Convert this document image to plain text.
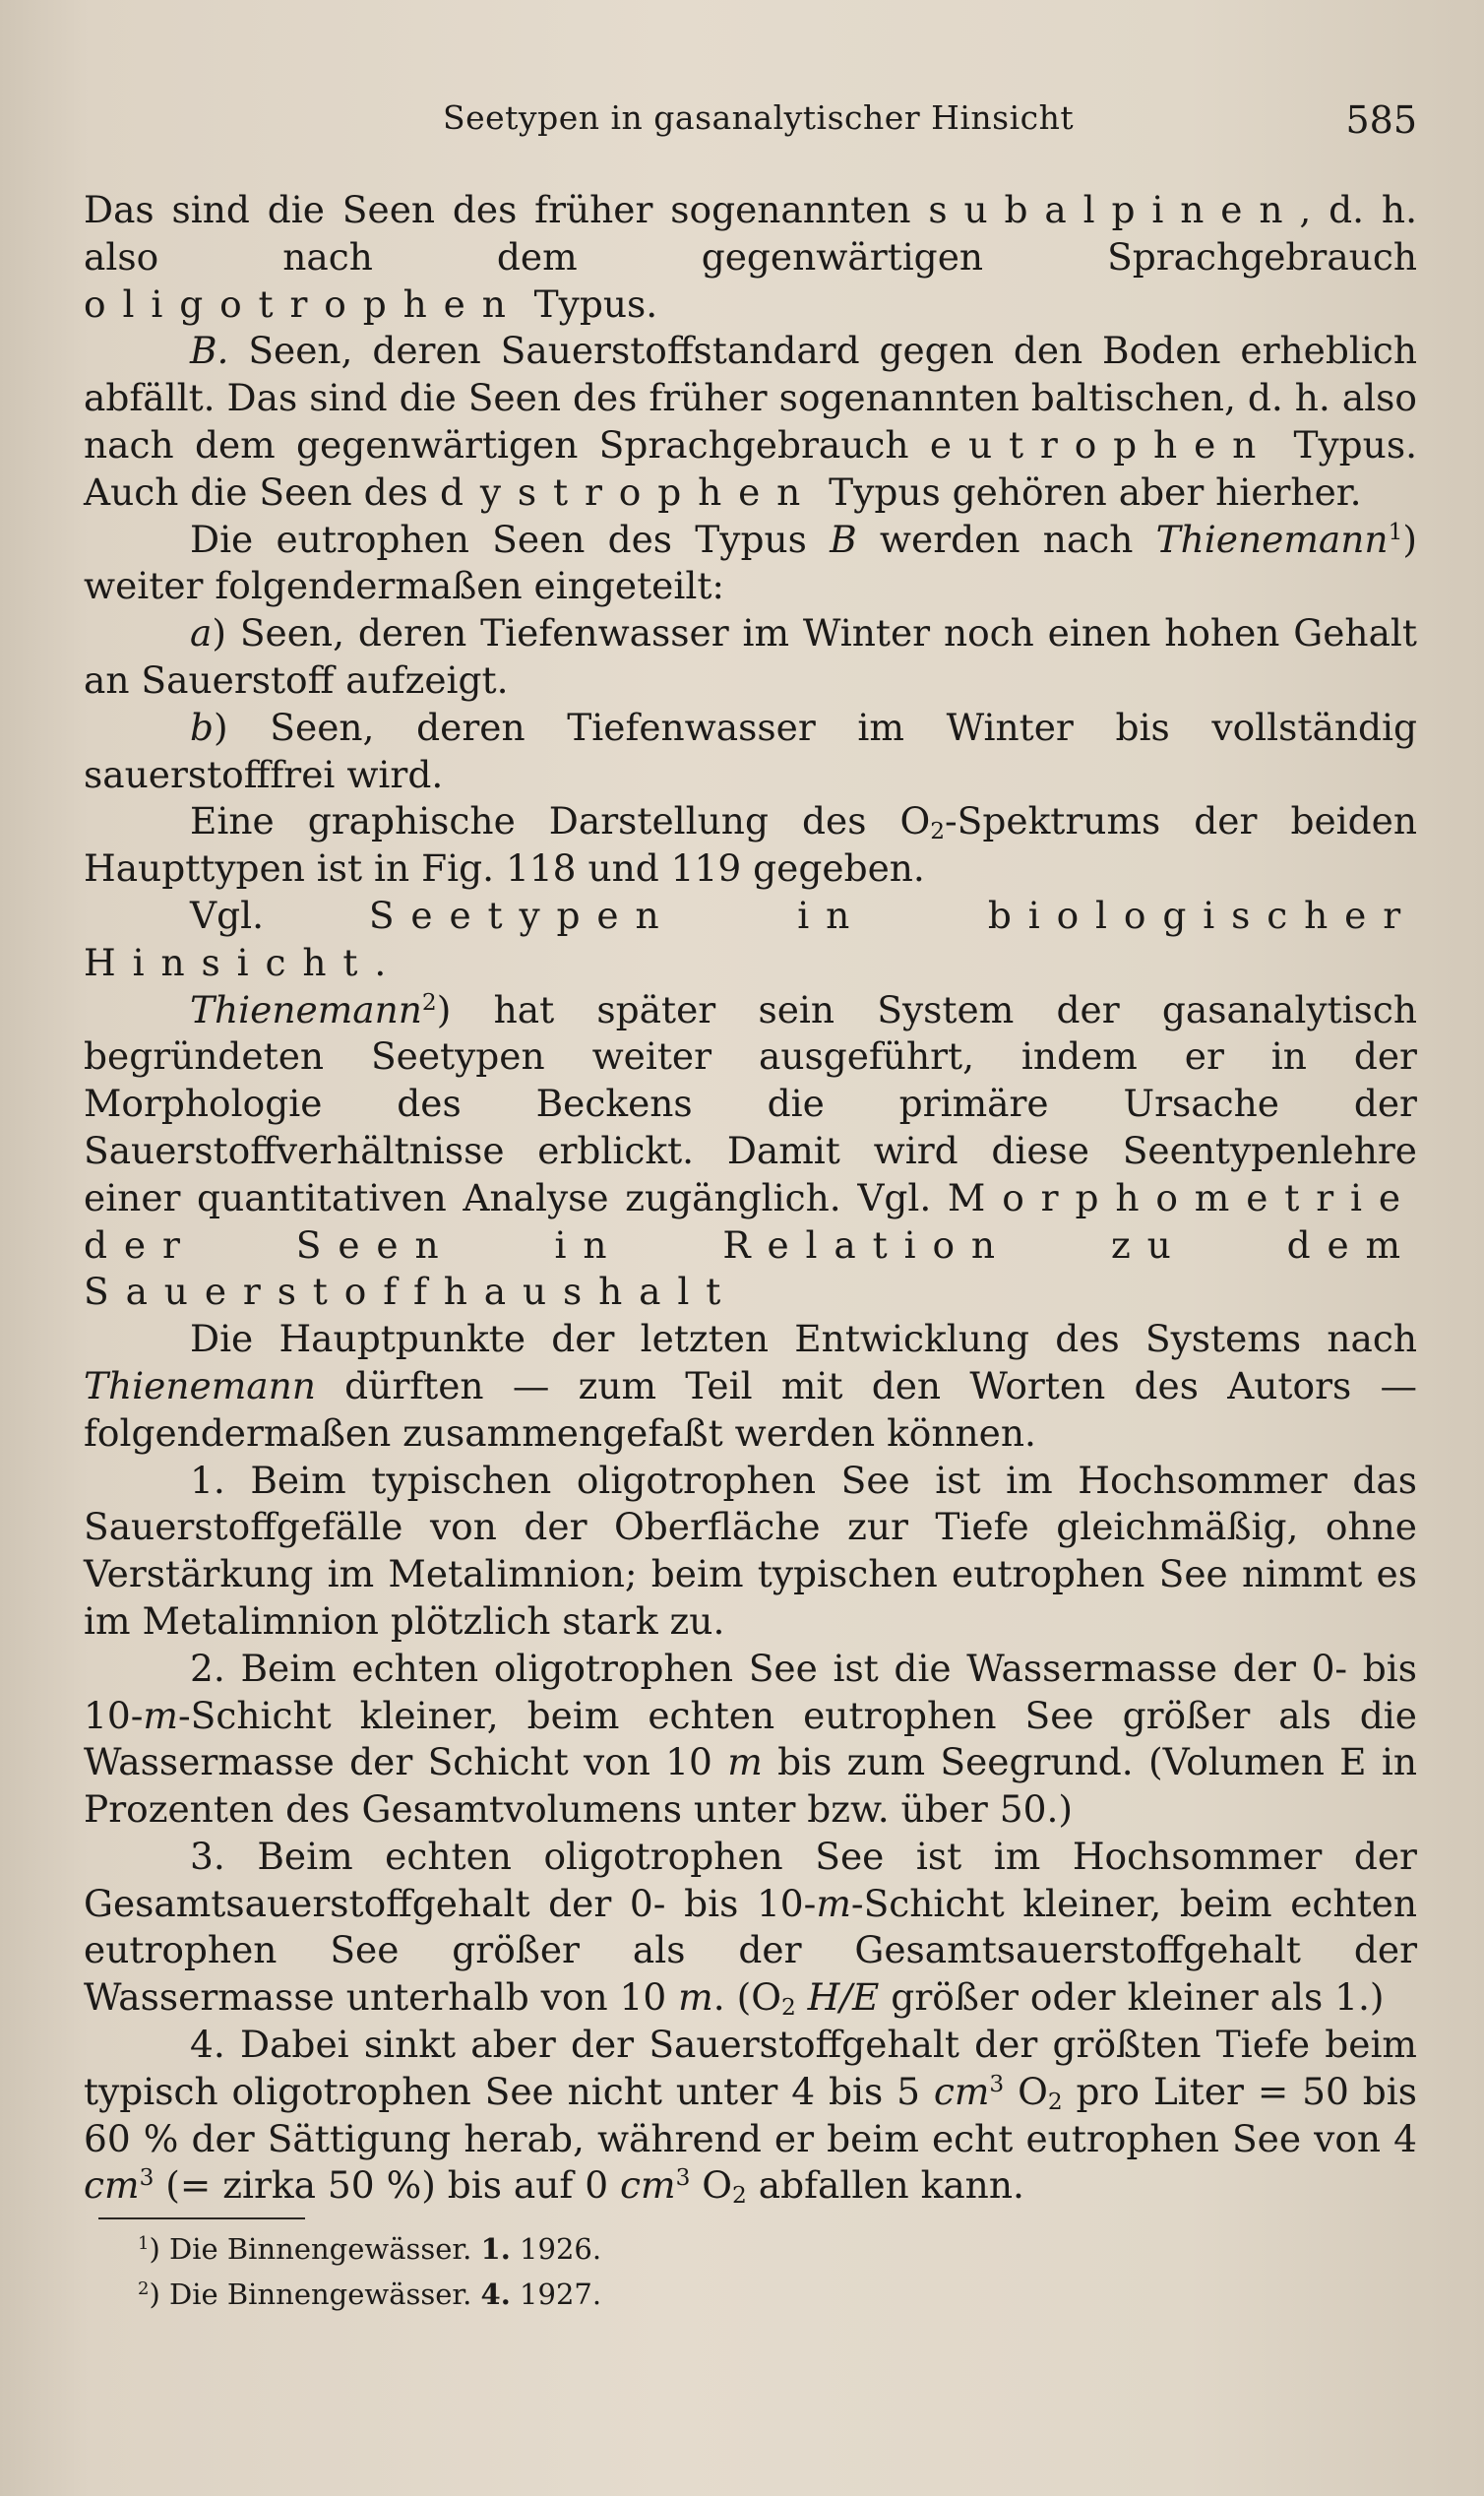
Seetypen in gasanalytischer Hinsicht	585

Das sind die Seen des früher sogenannten subalpinen, d. h. also nach dem gegenwärtigen Sprachgebrauch oligotrophen Typus.

B. Seen, deren Sauerstoffstandard gegen den Boden erheblich abfällt. Das sind die Seen des früher sogenannten baltischen, d. h. also nach dem gegenwärtigen Sprachgebrauch eutrophen Typus. Auch die Seen des dystrophen Typus gehören aber hierher.

Die eutrophen Seen des Typus B werden nach Thienemann$^1$) weiter folgendermaßen eingeteilt:

a) Seen, deren Tiefenwasser im Winter noch einen hohen Gehalt an Sauerstoff aufzeigt.

b) Seen, deren Tiefenwasser im Winter bis vollständig sauerstofffrei wird.

Eine graphische Darstellung des $O_2$-Spektrums der beiden Haupttypen ist in Fig. 118 und 119 gegeben.

Vgl. Seetypen in biologischer Hinsicht.

Thienemann$^2$) hat später sein System der gasanalytisch begründeten Seetypen weiter ausgeführt, indem er in der Morphologie des Beckens die primäre Ursache der Sauerstoffverhältnisse erblickt. Damit wird diese Seentypenlehre einer quantitativen Analyse zugänglich. Vgl. Morphometrie der Seen in Relation zu dem Sauerstoffhaushalt

Die Hauptpunkte der letzten Entwicklung des Systems nach Thienemann dürften — zum Teil mit den Worten des Autors — folgendermaßen zusammengefaßt werden können.

1. Beim typischen oligotrophen See ist im Hochsommer das Sauerstoffgefälle von der Oberfläche zur Tiefe gleichmäßig, ohne Verstärkung im Metalimnion; beim typischen eutrophen See nimmt es im Metalimnion plötzlich stark zu.

2. Beim echten oligotrophen See ist die Wassermasse der 0- bis 10-m-Schicht kleiner, beim echten eutrophen See größer als die Wassermasse der Schicht von 10 m bis zum Seegrund. (Volumen E in Prozenten des Gesamtvolumens unter bzw. über 50.)

3. Beim echten oligotrophen See ist im Hochsommer der Gesamtsauerstoffgehalt der 0- bis 10-m-Schicht kleiner, beim echten eutrophen See größer als der Gesamtsauerstoffgehalt der Wassermasse unterhalb von 10 m. ($O_2$ H/E größer oder kleiner als 1.)

4. Dabei sinkt aber der Sauerstoffgehalt der größten Tiefe beim typisch oligotrophen See nicht unter 4 bis 5 $cm^3$ $O_2$ pro Liter = 50 bis 60 % der Sättigung herab, während er beim echt eutrophen See von 4 $cm^3$ (= zirka 50 %) bis auf 0 $cm^3$ $O_2$ abfallen kann.

$^1$) Die Binnengewässer. 1. 1926.
$^2$) Die Binnengewässer. 4. 1927.
